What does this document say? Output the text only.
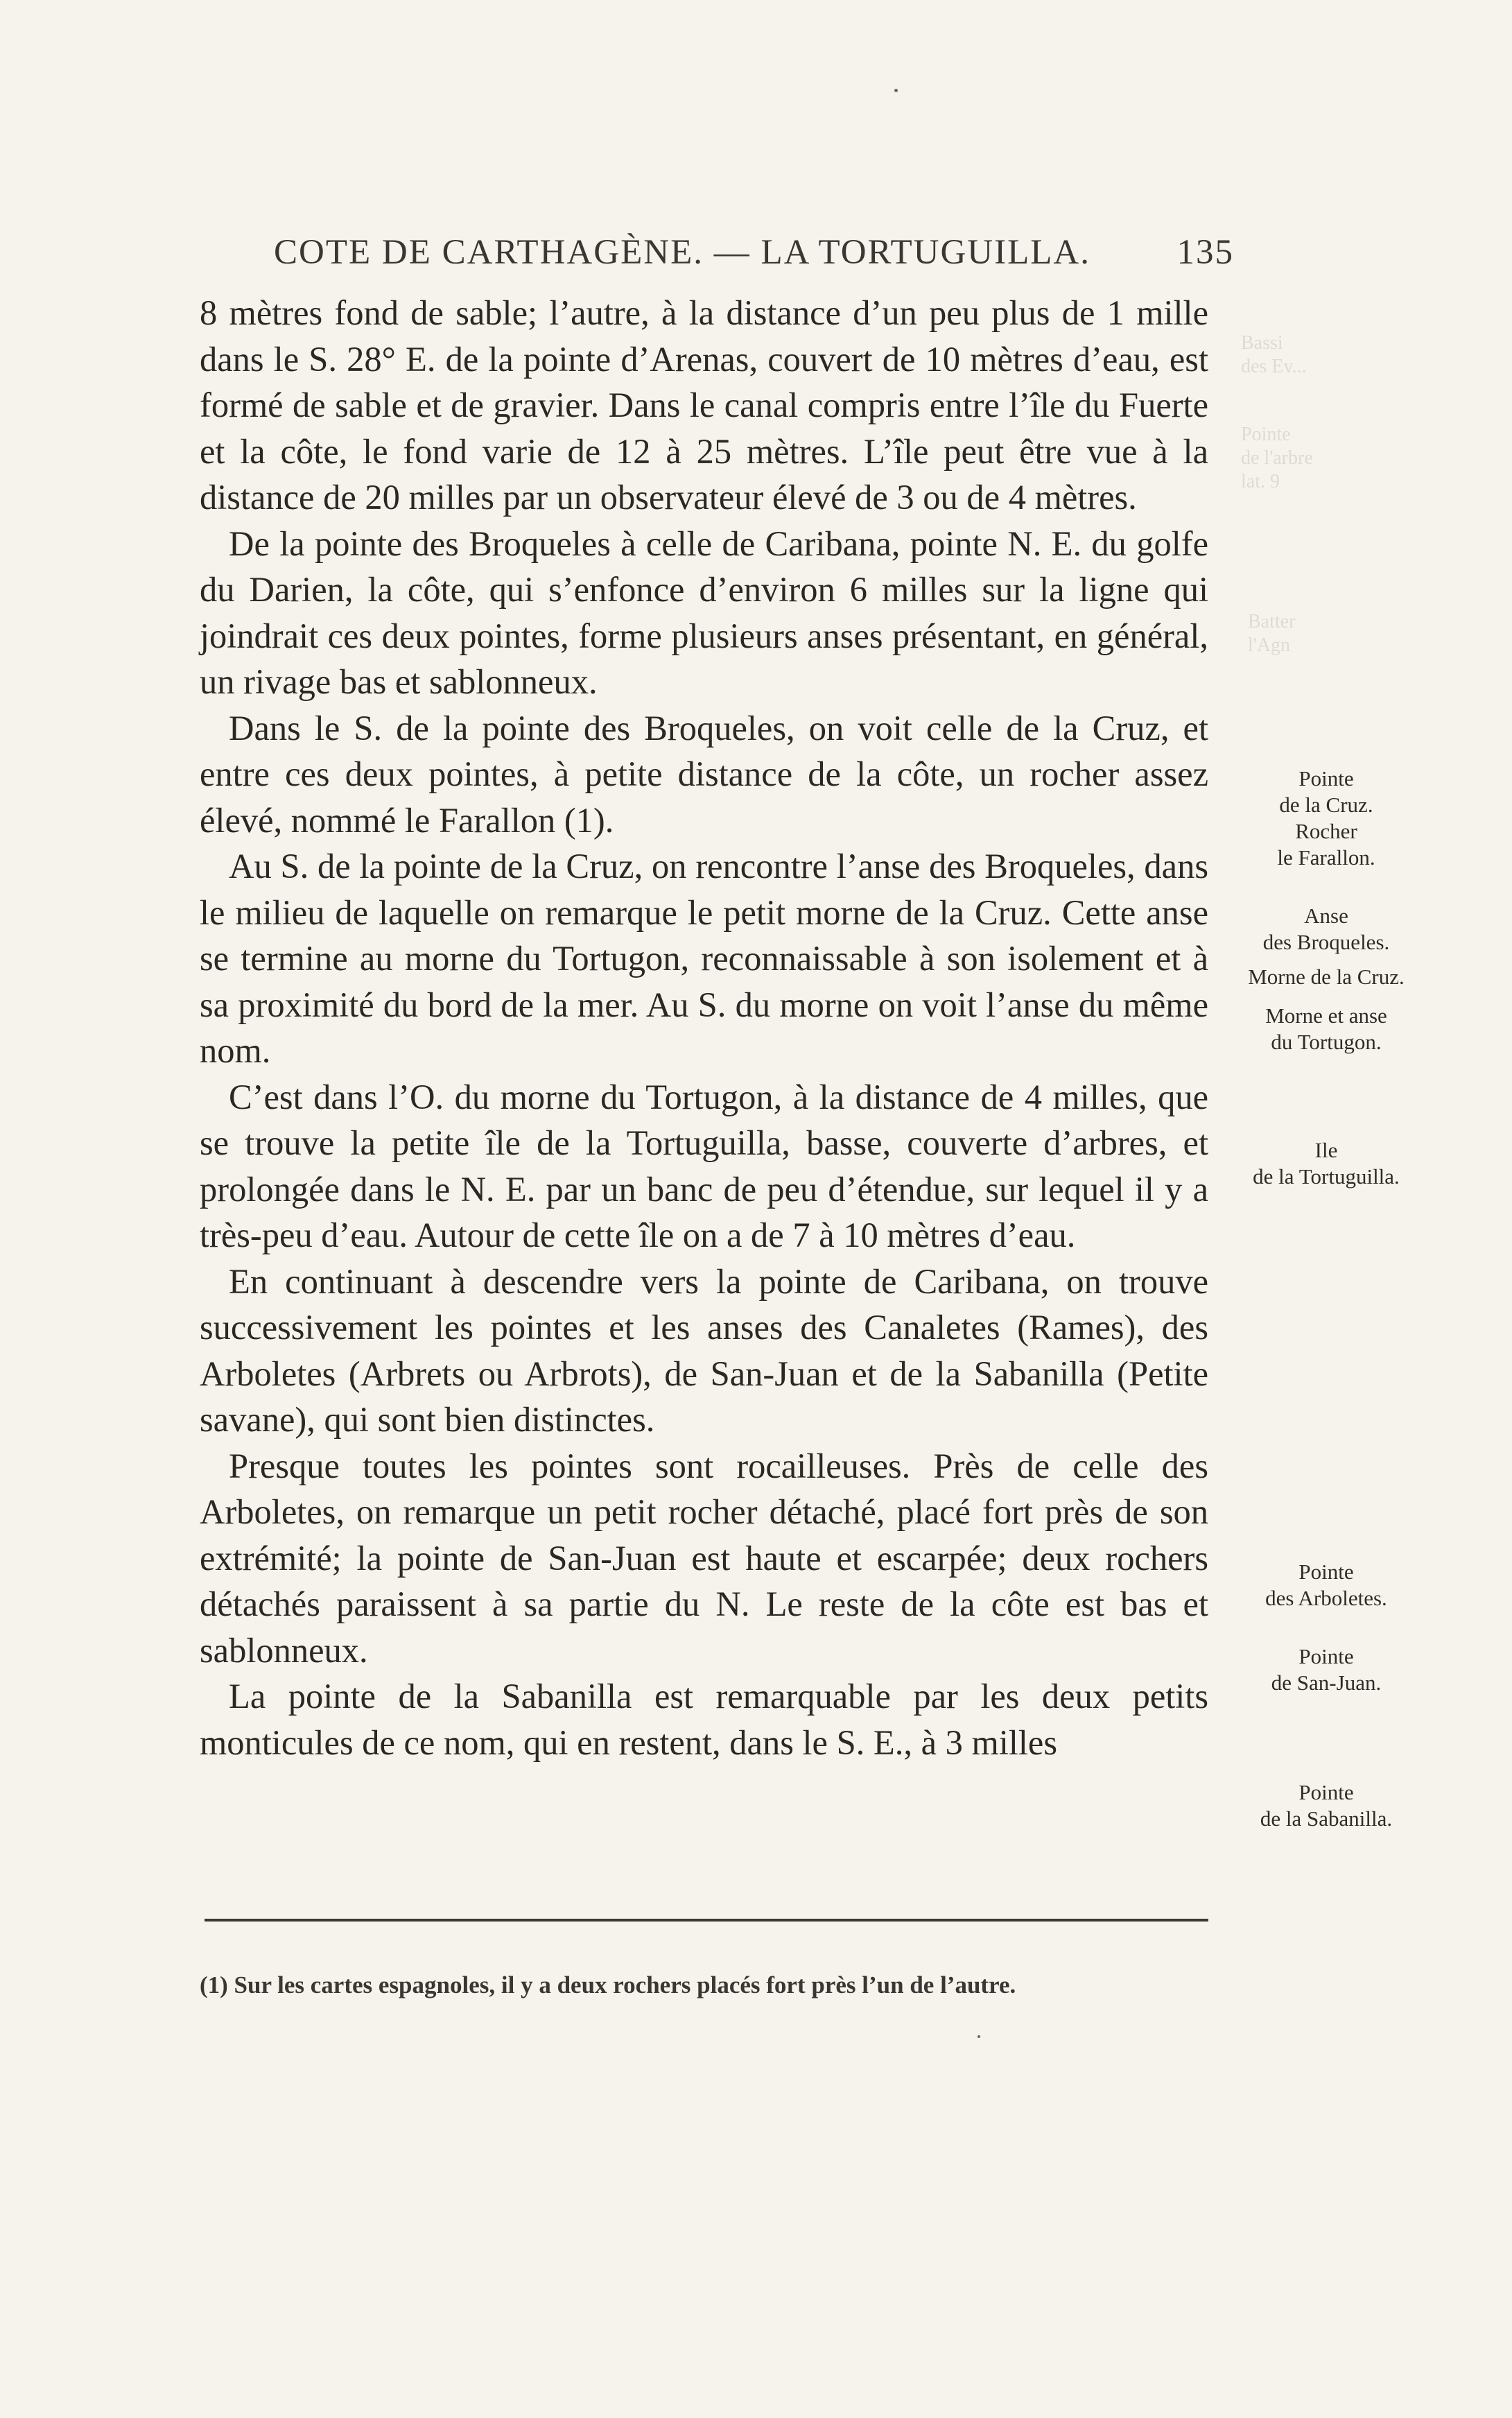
COTE DE CARTHAGÈNE. — LA TORTUGUILLA. 135

8 mètres fond de sable; l’autre, à la distance d’un peu plus de 1 mille dans le S. 28° E. de la pointe d’Arenas, couvert de 10 mètres d’eau, est formé de sable et de gravier. Dans le canal compris entre l’île du Fuerte et la côte, le fond varie de 12 à 25 mètres. L’île peut être vue à la distance de 20 milles par un observateur élevé de 3 ou de 4 mètres.

De la pointe des Broqueles à celle de Caribana, pointe N. E. du golfe du Darien, la côte, qui s’enfonce d’environ 6 milles sur la ligne qui joindrait ces deux pointes, forme plusieurs anses présentant, en général, un rivage bas et sablonneux.

Dans le S. de la pointe des Broqueles, on voit celle de la Cruz, et entre ces deux pointes, à petite distance de la côte, un rocher assez élevé, nommé le Farallon (1).

Au S. de la pointe de la Cruz, on rencontre l’anse des Broqueles, dans le milieu de laquelle on remarque le petit morne de la Cruz. Cette anse se termine au morne du Tortugon, reconnaissable à son isolement et à sa proximité du bord de la mer. Au S. du morne on voit l’anse du même nom.

C’est dans l’O. du morne du Tortugon, à la distance de 4 milles, que se trouve la petite île de la Tortuguilla, basse, couverte d’arbres, et prolongée dans le N. E. par un banc de peu d’étendue, sur lequel il y a très-peu d’eau. Autour de cette île on a de 7 à 10 mètres d’eau.

En continuant à descendre vers la pointe de Caribana, on trouve successivement les pointes et les anses des Canaletes (Rames), des Arboletes (Arbrets ou Arbrots), de San-Juan et de la Sabanilla (Petite savane), qui sont bien distinctes.

Presque toutes les pointes sont rocailleuses. Près de celle des Arboletes, on remarque un petit rocher détaché, placé fort près de son extrémité; la pointe de San-Juan est haute et escarpée; deux rochers détachés paraissent à sa partie du N. Le reste de la côte est bas et sablonneux.

La pointe de la Sabanilla est remarquable par les deux petits monticules de ce nom, qui en restent, dans le S. E., à 3 milles

Bassi
des Ev...
Pointe
de l'arbre
lat. 9
Batter
l'Agn
Pointe
de la Cruz.
Rocher
le Farallon.
Anse
des Broqueles.
Morne de la Cruz.
Morne et anse
du Tortugon.
Ile
de la Tortuguilla.
Pointe
des Arboletes.
Pointe
de San-Juan.
Pointe
de la Sabanilla.
(1) Sur les cartes espagnoles, il y a deux rochers placés fort près l’un de l’autre.
